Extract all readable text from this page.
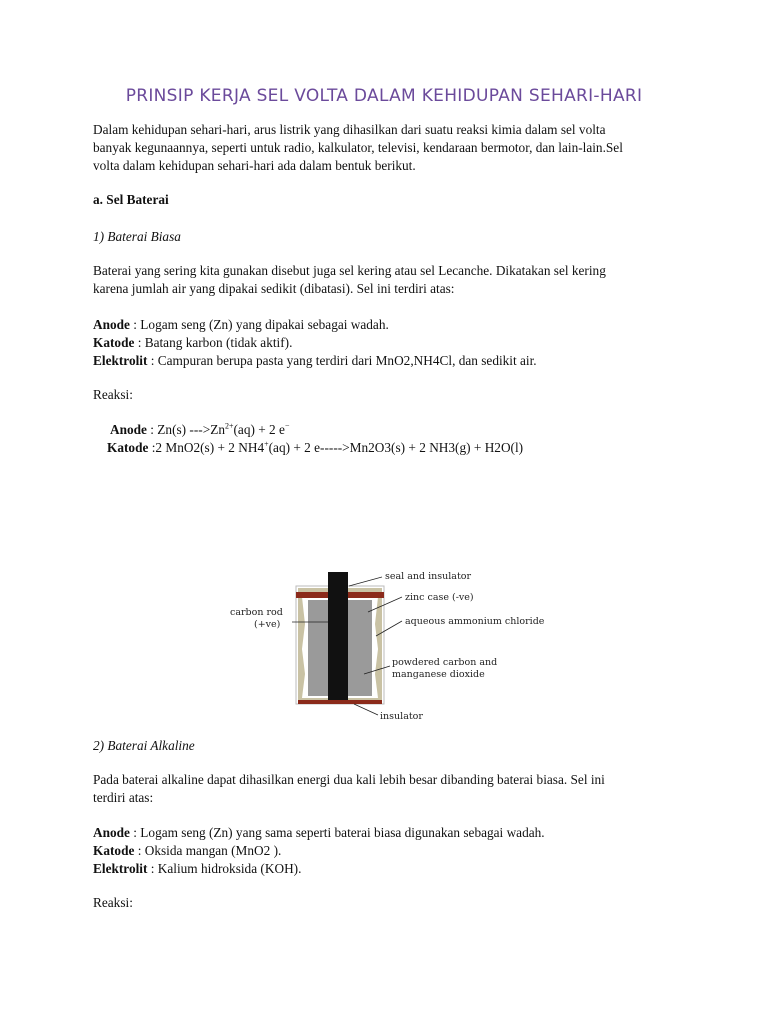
PRINSIP KERJA SEL VOLTA DALAM KEHIDUPAN SEHARI-HARI

Dalam kehidupan sehari-hari, arus listrik yang dihasilkan dari suatu reaksi kimia dalam sel volta

banyak kegunaannya, seperti untuk radio, kalkulator, televisi, kendaraan bermotor, dan lain-lain.Sel

volta dalam kehidupan sehari-hari ada dalam bentuk berikut.

a. Sel Baterai

1) Baterai Biasa

Baterai yang sering kita gunakan disebut juga sel kering atau sel Lecanche. Dikatakan sel kering

karena jumlah air yang dipakai sedikit (dibatasi). Sel ini terdiri atas:

Anode : Logam seng (Zn) yang dipakai sebagai wadah.

Katode : Batang karbon (tidak aktif).

Elektrolit : Campuran berupa pasta yang terdiri dari MnO2,NH4Cl, dan sedikit air.

Reaksi:

Anode : Zn(s) $--->Zn^{2+}(aq) + 2$ e−

Katode :2 MnO2(s) + 2 NH4+(aq) + 2 e----->Mn2O3(s) + 2 NH3(g) + H2O(l)

seal and insulator
zinc case (-ve)
aqueous ammonium chloride
powdered carbon and
manganese dioxide
insulator
carbon rod
(+ve)

2) Baterai Alkaline

Pada baterai alkaline dapat dihasilkan energi dua kali lebih besar dibanding baterai biasa. Sel ini

terdiri atas:

Anode : Logam seng (Zn) yang sama seperti baterai biasa digunakan sebagai wadah.

Katode : Oksida mangan (MnO2 ).

Elektrolit : Kalium hidroksida (KOH).

Reaksi:
